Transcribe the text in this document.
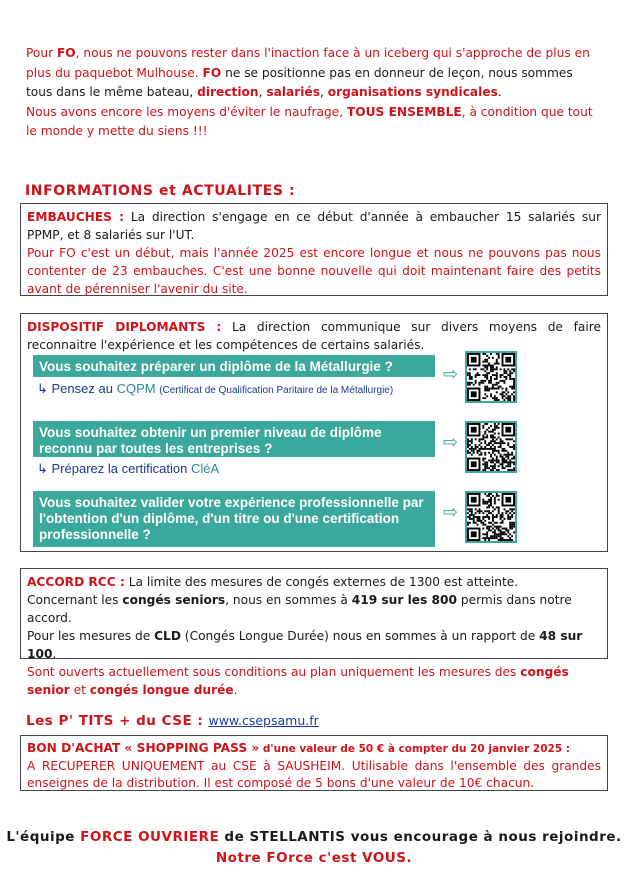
Pour FO, nous ne pouvons rester dans l'inaction face à un iceberg qui s'approche de plus en plus du paquebot Mulhouse. FO ne se positionne pas en donneur de leçon, nous sommes tous dans le même bateau, direction, salariés, organisations syndicales.
Nous avons encore les moyens d'éviter le naufrage, TOUS ENSEMBLE, à condition que tout le monde y mette du siens !!!
INFORMATIONS et ACTUALITES :
EMBAUCHES : La direction s'engage en ce début d'année à embaucher 15 salariés sur PPMP, et 8 salariés sur l'UT.
Pour FO c'est un début, mais l'année 2025 est encore longue et nous ne pouvons pas nous contenter de 23 embauches. C'est une bonne nouvelle qui doit maintenant faire des petits avant de pérenniser l'avenir du site.
DISPOSITIF DIPLOMANTS : La direction communique sur divers moyens de faire reconnaitre l'expérience et les compétences de certains salariés.
Vous souhaitez préparer un diplôme de la Métallurgie ?
↳ Pensez au CQPM (Certificat de Qualification Paritaire de la Métallurgie)
⇨
Vous souhaitez obtenir un premier niveau de diplôme reconnu par toutes les entreprises ?
↳ Préparez la certification CléA
⇨
Vous souhaitez valider votre expérience professionnelle par l'obtention d'un diplôme, d'un titre ou d'une certification professionnelle ?
⇨
ACCORD RCC : La limite des mesures de congés externes de 1300 est atteinte.
Concernant les congés seniors, nous en sommes à 419 sur les 800 permis dans notre accord.
Pour les mesures de CLD (Congés Longue Durée) nous en sommes à un rapport de 48 sur 100.
Sont ouverts actuellement sous conditions au plan uniquement les mesures des congés senior et congés longue durée.
Les P' TITS + du CSE : www.csepsamu.fr
BON D'ACHAT « SHOPPING PASS » d'une valeur de 50 € à compter du 20 janvier 2025 :
A RECUPERER UNIQUEMENT au CSE à SAUSHEIM. Utilisable dans l'ensemble des grandes enseignes de la distribution. Il est composé de 5 bons d'une valeur de 10€ chacun.
L'équipe FORCE OUVRIERE de STELLANTIS vous encourage à nous rejoindre.
Notre FOrce c'est VOUS.
